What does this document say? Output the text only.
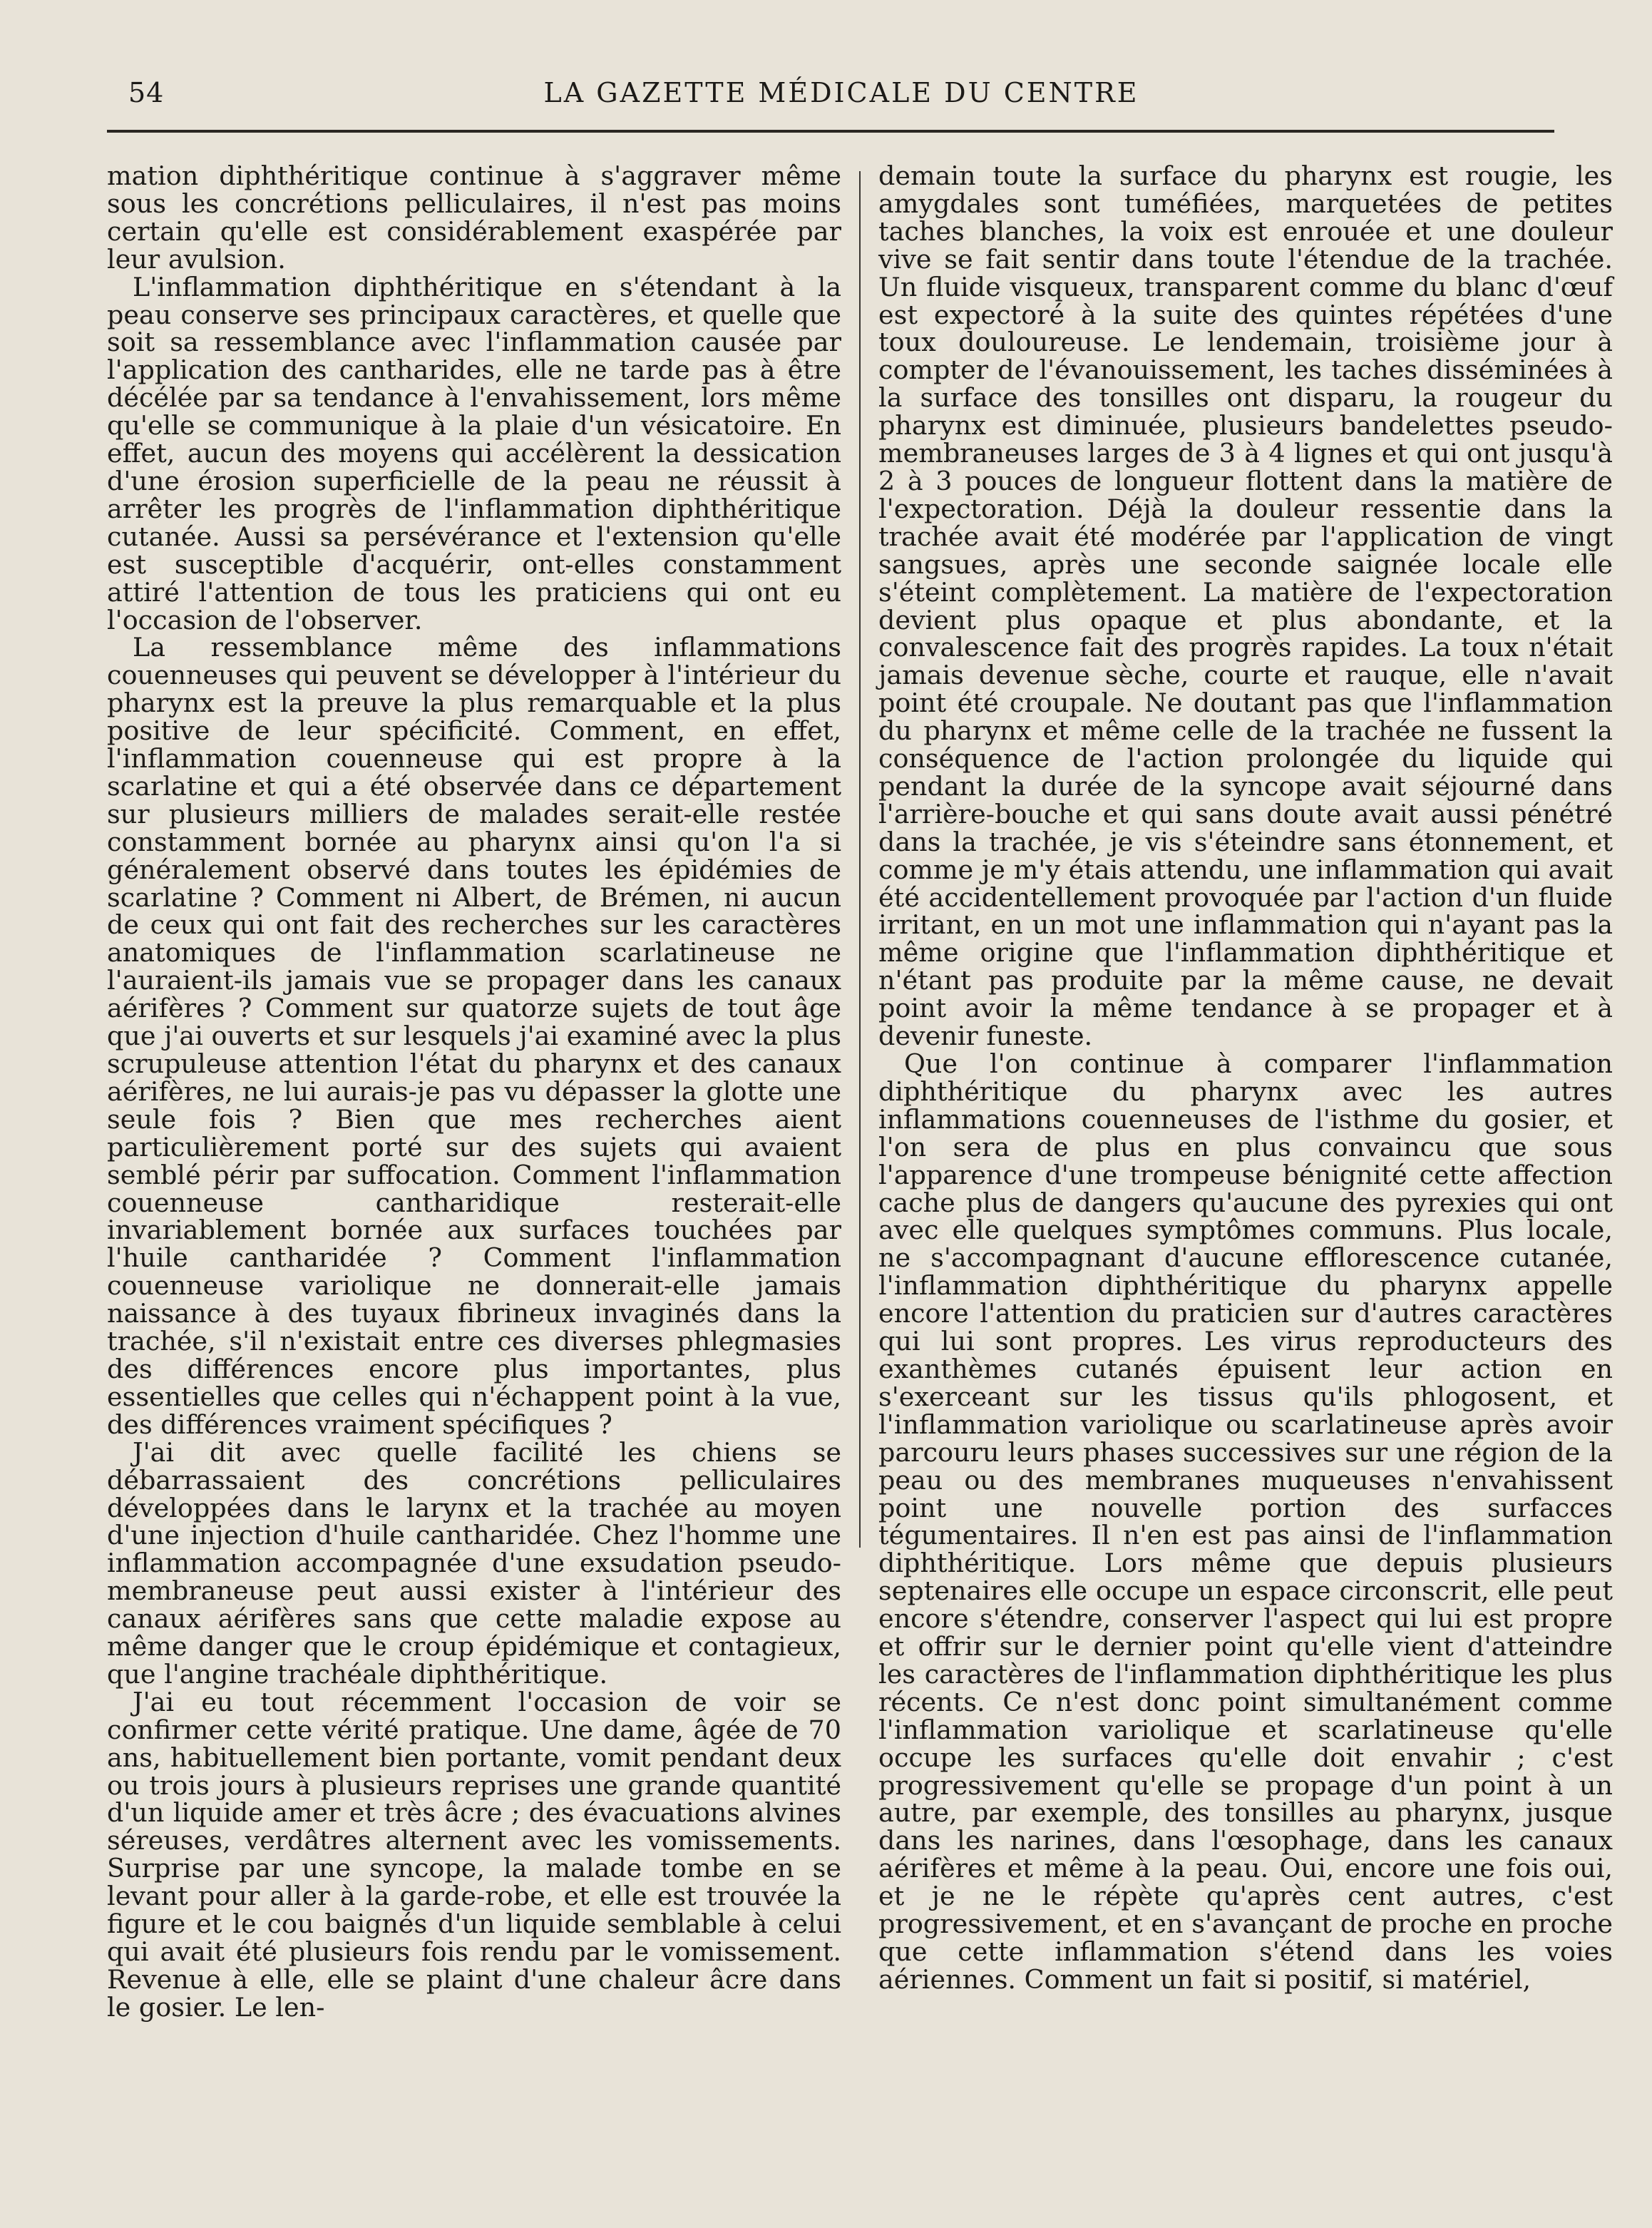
54	LA GAZETTE MÉDICALE DU CENTRE

mation diphthéritique continue à s'aggraver même sous les concrétions pelliculaires, il n'est pas moins certain qu'elle est considérablement exaspérée par leur avulsion.

L'inflammation diphthéritique en s'étendant à la peau conserve ses principaux caractères, et quelle que soit sa ressemblance avec l'inflammation causée par l'application des cantharides, elle ne tarde pas à être décélée par sa tendance à l'envahissement, lors même qu'elle se communique à la plaie d'un vésicatoire. En effet, aucun des moyens qui accélèrent la dessication d'une érosion superficielle de la peau ne réussit à arrêter les progrès de l'inflammation diphthéritique cutanée. Aussi sa persévérance et l'extension qu'elle est susceptible d'acquérir, ont-elles constamment attiré l'attention de tous les praticiens qui ont eu l'occasion de l'observer.

La ressemblance même des inflammations couenneuses qui peuvent se développer à l'intérieur du pharynx est la preuve la plus remarquable et la plus positive de leur spécificité. Comment, en effet, l'inflammation couenneuse qui est propre à la scarlatine et qui a été observée dans ce département sur plusieurs milliers de malades serait-elle restée constamment bornée au pharynx ainsi qu'on l'a si généralement observé dans toutes les épidémies de scarlatine ? Comment ni Albert, de Brémen, ni aucun de ceux qui ont fait des recherches sur les caractères anatomiques de l'inflammation scarlatineuse ne l'auraient-ils jamais vue se propager dans les canaux aérifères ? Comment sur quatorze sujets de tout âge que j'ai ouverts et sur lesquels j'ai examiné avec la plus scrupuleuse attention l'état du pharynx et des canaux aérifères, ne lui aurais-je pas vu dépasser la glotte une seule fois ? Bien que mes recherches aient particulièrement porté sur des sujets qui avaient semblé périr par suffocation. Comment l'inflammation couenneuse cantharidique resterait-elle invariablement bornée aux surfaces touchées par l'huile cantharidée ? Comment l'inflammation couenneuse variolique ne donnerait-elle jamais naissance à des tuyaux fibrineux invaginés dans la trachée, s'il n'existait entre ces diverses phlegmasies des différences encore plus importantes, plus essentielles que celles qui n'échappent point à la vue, des différences vraiment spécifiques ?

J'ai dit avec quelle facilité les chiens se débarrassaient des concrétions pelliculaires développées dans le larynx et la trachée au moyen d'une injection d'huile cantharidée. Chez l'homme une inflammation accompagnée d'une exsudation pseudo-membraneuse peut aussi exister à l'intérieur des canaux aérifères sans que cette maladie expose au même danger que le croup épidémique et contagieux, que l'angine trachéale diphthéritique.

J'ai eu tout récemment l'occasion de voir se confirmer cette vérité pratique. Une dame, âgée de 70 ans, habituellement bien portante, vomit pendant deux ou trois jours à plusieurs reprises une grande quantité d'un liquide amer et très âcre ; des évacuations alvines séreuses, verdâtres alternent avec les vomissements. Surprise par une syncope, la malade tombe en se levant pour aller à la garde-robe, et elle est trouvée la figure et le cou baignés d'un liquide semblable à celui qui avait été plusieurs fois rendu par le vomissement. Revenue à elle, elle se plaint d'une chaleur âcre dans le gosier. Le len-

demain toute la surface du pharynx est rougie, les amygdales sont tuméfiées, marquetées de petites taches blanches, la voix est enrouée et une douleur vive se fait sentir dans toute l'étendue de la trachée. Un fluide visqueux, transparent comme du blanc d'œuf est expectoré à la suite des quintes répétées d'une toux douloureuse. Le lendemain, troisième jour à compter de l'évanouissement, les taches disséminées à la surface des tonsilles ont disparu, la rougeur du pharynx est diminuée, plusieurs bandelettes pseudo-membraneuses larges de 3 à 4 lignes et qui ont jusqu'à 2 à 3 pouces de longueur flottent dans la matière de l'expectoration. Déjà la douleur ressentie dans la trachée avait été modérée par l'application de vingt sangsues, après une seconde saignée locale elle s'éteint complètement. La matière de l'expectoration devient plus opaque et plus abondante, et la convalescence fait des progrès rapides. La toux n'était jamais devenue sèche, courte et rauque, elle n'avait point été croupale. Ne doutant pas que l'inflammation du pharynx et même celle de la trachée ne fussent la conséquence de l'action prolongée du liquide qui pendant la durée de la syncope avait séjourné dans l'arrière-bouche et qui sans doute avait aussi pénétré dans la trachée, je vis s'éteindre sans étonnement, et comme je m'y étais attendu, une inflammation qui avait été accidentellement provoquée par l'action d'un fluide irritant, en un mot une inflammation qui n'ayant pas la même origine que l'inflammation diphthéritique et n'étant pas produite par la même cause, ne devait point avoir la même tendance à se propager et à devenir funeste.

Que l'on continue à comparer l'inflammation diphthéritique du pharynx avec les autres inflammations couenneuses de l'isthme du gosier, et l'on sera de plus en plus convaincu que sous l'apparence d'une trompeuse bénignité cette affection cache plus de dangers qu'aucune des pyrexies qui ont avec elle quelques symptômes communs. Plus locale, ne s'accompagnant d'aucune efflorescence cutanée, l'inflammation diphthéritique du pharynx appelle encore l'attention du praticien sur d'autres caractères qui lui sont propres. Les virus reproducteurs des exanthèmes cutanés épuisent leur action en s'exerceant sur les tissus qu'ils phlogosent, et l'inflammation variolique ou scarlatineuse après avoir parcouru leurs phases successives sur une région de la peau ou des membranes muqueuses n'envahissent point une nouvelle portion des surfacces tégumentaires. Il n'en est pas ainsi de l'inflammation diphthéritique. Lors même que depuis plusieurs septenaires elle occupe un espace circonscrit, elle peut encore s'étendre, conserver l'aspect qui lui est propre et offrir sur le dernier point qu'elle vient d'atteindre les caractères de l'inflammation diphthéritique les plus récents. Ce n'est donc point simultanément comme l'inflammation variolique et scarlatineuse qu'elle occupe les surfaces qu'elle doit envahir ; c'est progressivement qu'elle se propage d'un point à un autre, par exemple, des tonsilles au pharynx, jusque dans les narines, dans l'œsophage, dans les canaux aérifères et même à la peau. Oui, encore une fois oui, et je ne le répète qu'après cent autres, c'est progressivement, et en s'avançant de proche en proche que cette inflammation s'étend dans les voies aériennes. Comment un fait si positif, si matériel,
